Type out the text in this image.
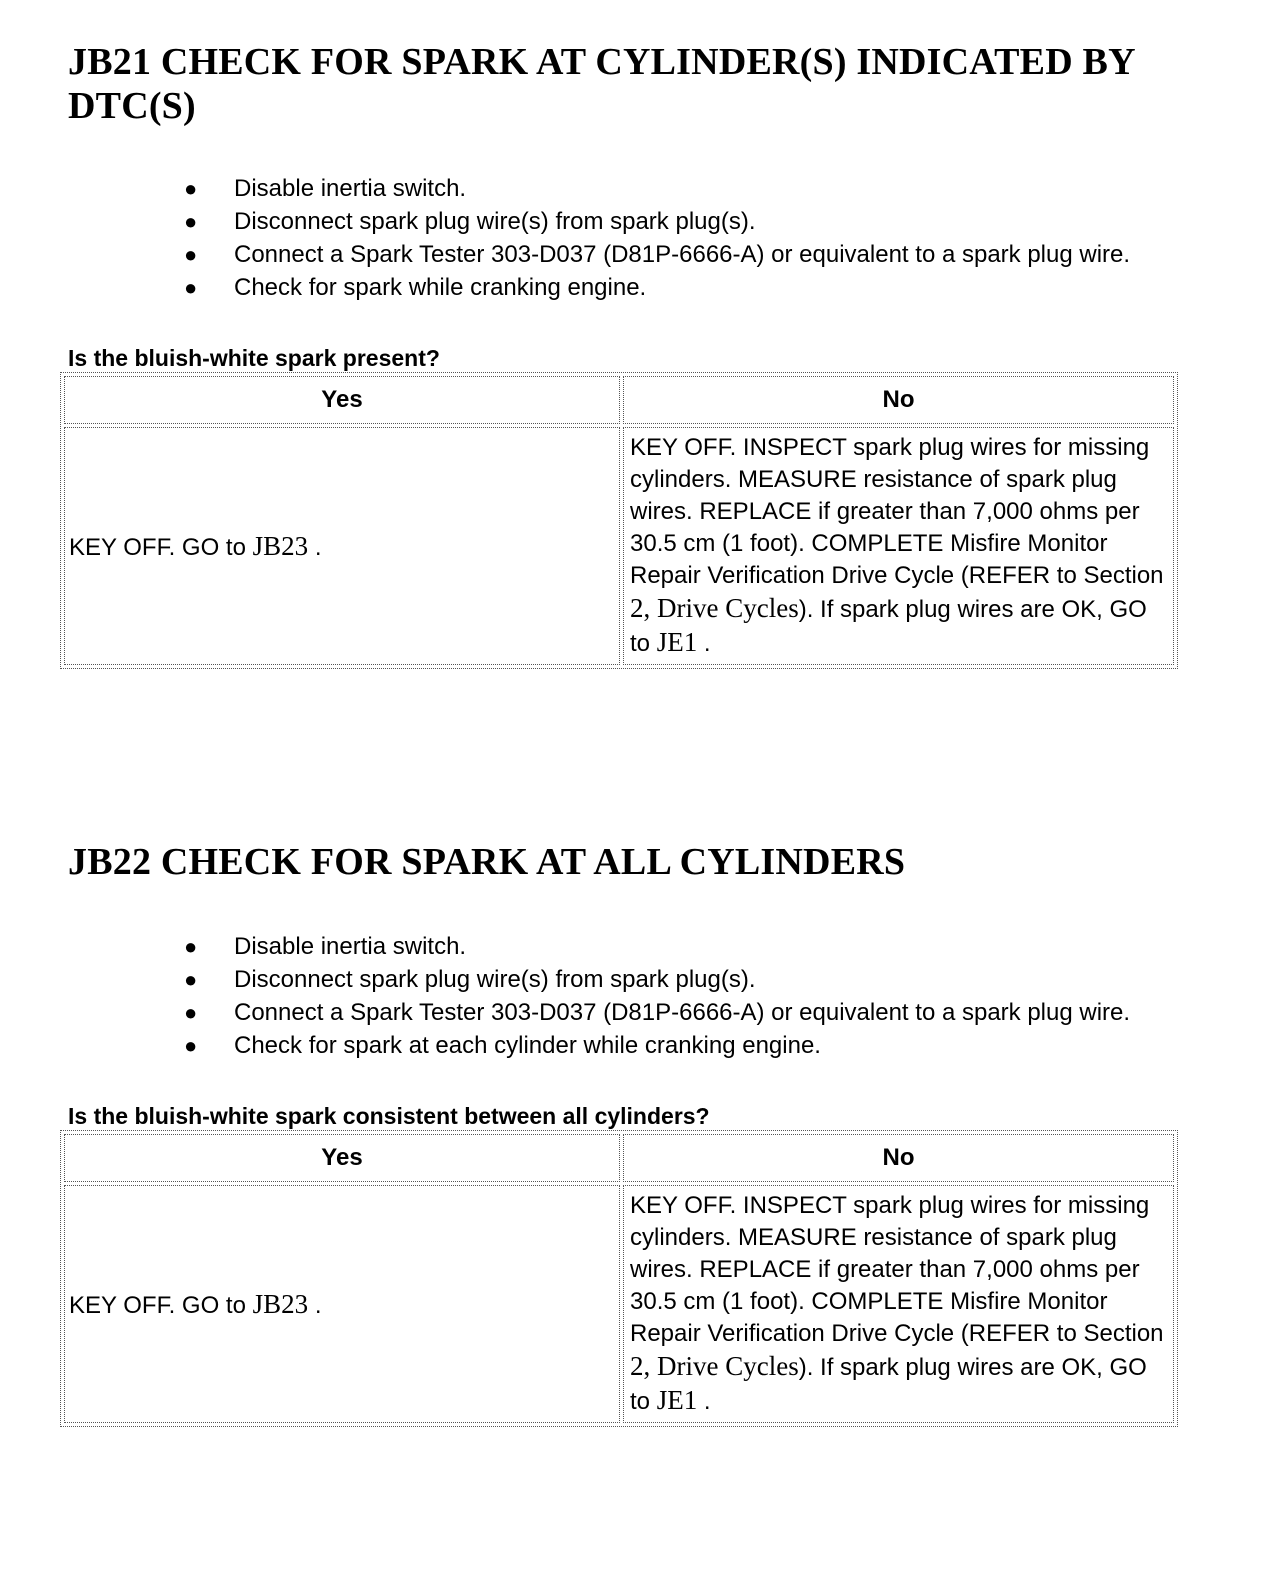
JB21 CHECK FOR SPARK AT CYLINDER(S) INDICATED BY
DTC(S)
● Disable inertia switch.
● Disconnect spark plug wire(s) from spark plug(s).
● Connect a Spark Tester 303-D037 (D81P-6666-A) or equivalent to a spark plug wire.
● Check for spark while cranking engine.

Is the bluish-white spark present?

Yes	No
KEY OFF. GO to JB23 .	KEY OFF. INSPECT spark plug wires for missing cylinders. MEASURE resistance of spark plug wires. REPLACE if greater than 7,000 ohms per 30.5 cm (1 foot). COMPLETE Misfire Monitor Repair Verification Drive Cycle (REFER to Section 2, Drive Cycles). If spark plug wires are OK, GO to JE1 .
JB22 CHECK FOR SPARK AT ALL CYLINDERS
● Disable inertia switch.
● Disconnect spark plug wire(s) from spark plug(s).
● Connect a Spark Tester 303-D037 (D81P-6666-A) or equivalent to a spark plug wire.
● Check for spark at each cylinder while cranking engine.

Is the bluish-white spark consistent between all cylinders?

Yes	No
KEY OFF. GO to JB23 .	KEY OFF. INSPECT spark plug wires for missing cylinders. MEASURE resistance of spark plug wires. REPLACE if greater than 7,000 ohms per 30.5 cm (1 foot). COMPLETE Misfire Monitor Repair Verification Drive Cycle (REFER to Section 2, Drive Cycles). If spark plug wires are OK, GO to JE1 .
